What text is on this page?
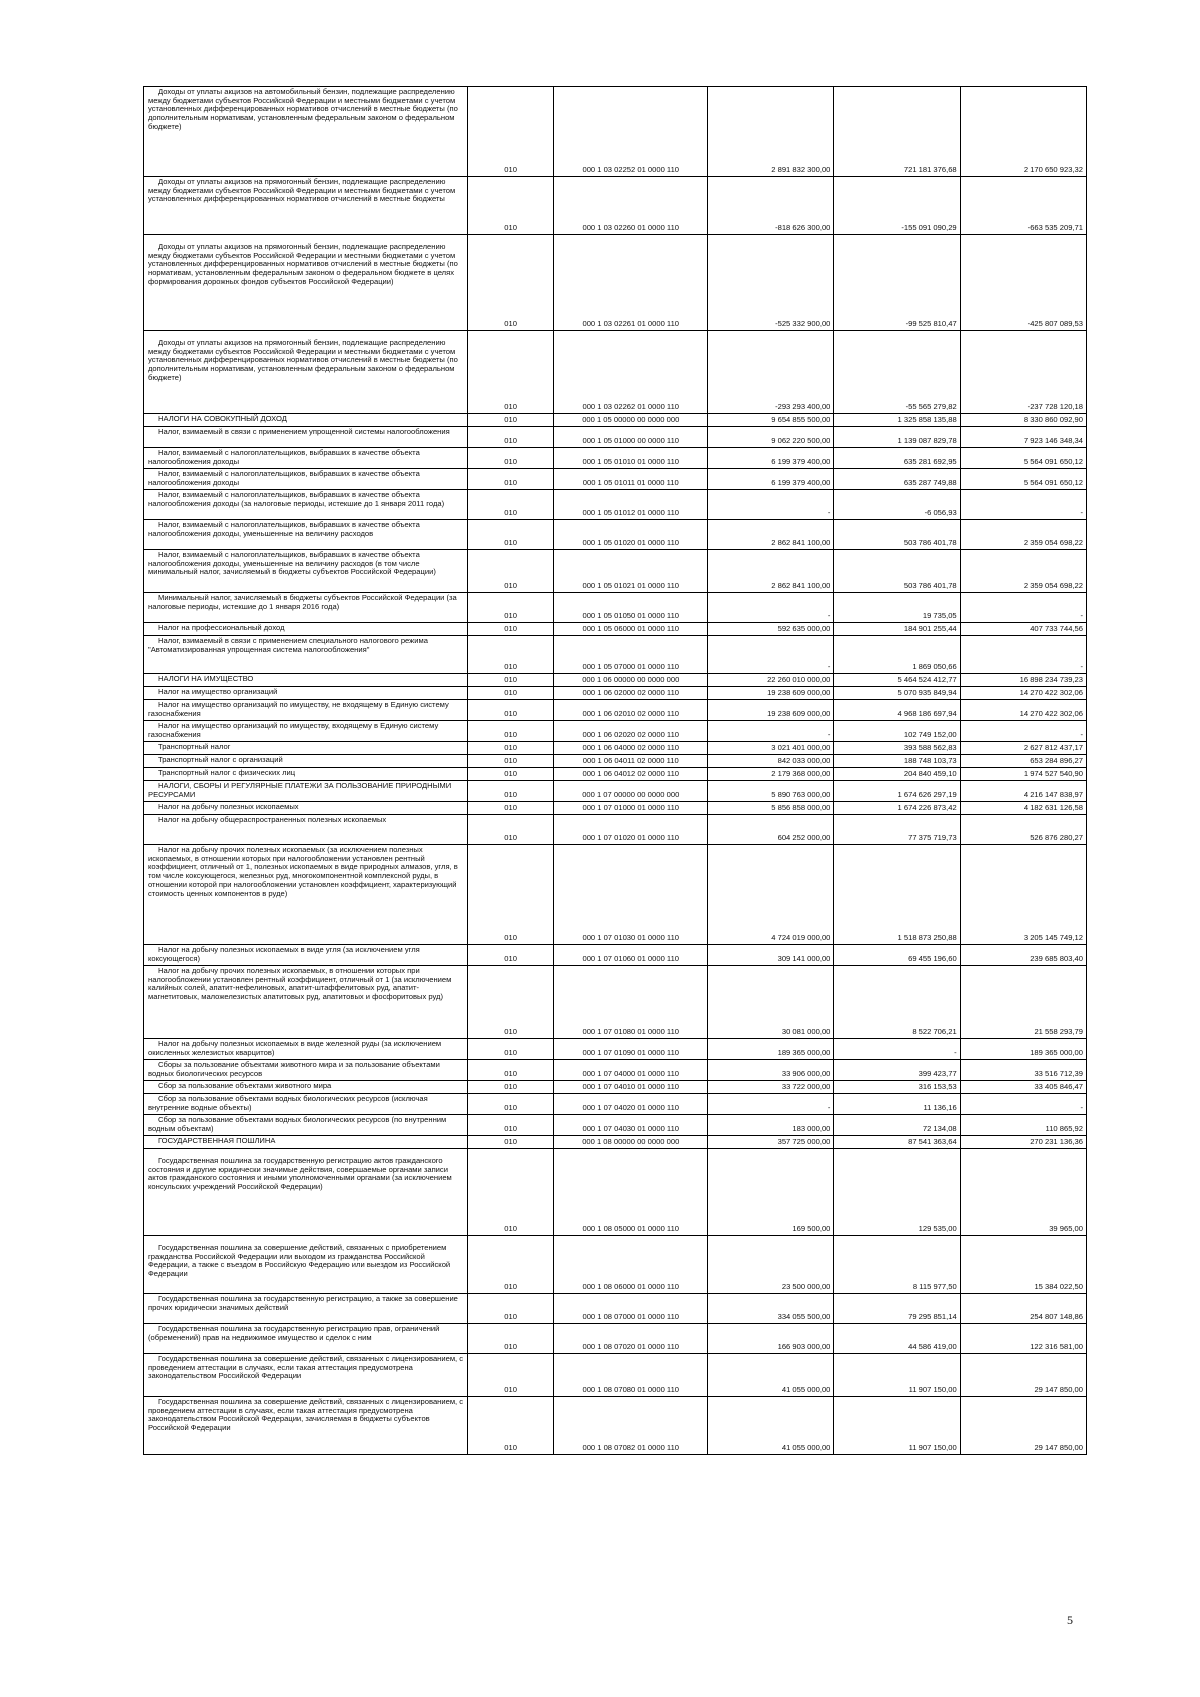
Доходы от уплаты акцизов на автомобильный бензин, подлежащие распределению между бюджетами субъектов Российской Федерации и местными бюджетами с учетом установленных дифференцированных нормативов отчислений в местные бюджеты (по дополнительным нормативам, установленным федеральным законом о федеральном бюджете)	010	000 1 03 02252 01 0000 110	2 891 832 300,00	721 181 376,68	2 170 650 923,32

Доходы от уплаты акцизов на прямогонный бензин, подлежащие распределению между бюджетами субъектов Российской Федерации и местными бюджетами с учетом установленных дифференцированных нормативов отчислений в местные бюджеты	010	000 1 03 02260 01 0000 110	-818 626 300,00	-155 091 090,29	-663 535 209,71

Доходы от уплаты акцизов на прямогонный бензин, подлежащие распределению между бюджетами субъектов Российской Федерации и местными бюджетами с учетом установленных дифференцированных нормативов отчислений в местные бюджеты (по нормативам, установленным федеральным законом о федеральном бюджете в целях формирования дорожных фондов субъектов Российской Федерации)	010	000 1 03 02261 01 0000 110	-525 332 900,00	-99 525 810,47	-425 807 089,53

Доходы от уплаты акцизов на прямогонный бензин, подлежащие распределению между бюджетами субъектов Российской Федерации и местными бюджетами с учетом установленных дифференцированных нормативов отчислений в местные бюджеты (по дополнительным нормативам, установленным федеральным законом о федеральном бюджете)	010	000 1 03 02262 01 0000 110	-293 293 400,00	-55 565 279,82	-237 728 120,18

НАЛОГИ НА СОВОКУПНЫЙ ДОХОД	010	000 1 05 00000 00 0000 000	9 654 855 500,00	1 325 858 135,88	8 330 860 092,90

Налог, взимаемый в связи с применением упрощенной системы налогообложения	010	000 1 05 01000 00 0000 110	9 062 220 500,00	1 139 087 829,78	7 923 146 348,34

Налог, взимаемый с налогоплательщиков, выбравших в качестве объекта налогообложения доходы	010	000 1 05 01010 01 0000 110	6 199 379 400,00	635 281 692,95	5 564 091 650,12

Налог, взимаемый с налогоплательщиков, выбравших в качестве объекта налогообложения доходы	010	000 1 05 01011 01 0000 110	6 199 379 400,00	635 287 749,88	5 564 091 650,12

Налог, взимаемый с налогоплательщиков, выбравших в качестве объекта налогообложения доходы (за налоговые периоды, истекшие до 1 января 2011 года)	010	000 1 05 01012 01 0000 110	-	-6 056,93	-

Налог, взимаемый с налогоплательщиков, выбравших в качестве объекта налогообложения доходы, уменьшенные на величину расходов	010	000 1 05 01020 01 0000 110	2 862 841 100,00	503 786 401,78	2 359 054 698,22

Налог, взимаемый с налогоплательщиков, выбравших в качестве объекта налогообложения доходы, уменьшенные на величину расходов (в том числе минимальный налог, зачисляемый в бюджеты субъектов Российской Федерации)	010	000 1 05 01021 01 0000 110	2 862 841 100,00	503 786 401,78	2 359 054 698,22

Минимальный налог, зачисляемый в бюджеты субъектов Российской Федерации (за налоговые периоды, истекшие до 1 января 2016 года)	010	000 1 05 01050 01 0000 110	-	19 735,05	-

Налог на профессиональный доход	010	000 1 05 06000 01 0000 110	592 635 000,00	184 901 255,44	407 733 744,56

Налог, взимаемый в связи с применением специального налогового режима "Автоматизированная упрощенная система налогообложения"	010	000 1 05 07000 01 0000 110	-	1 869 050,66	-

НАЛОГИ НА ИМУЩЕСТВО	010	000 1 06 00000 00 0000 000	22 260 010 000,00	5 464 524 412,77	16 898 234 739,23

Налог на имущество организаций	010	000 1 06 02000 02 0000 110	19 238 609 000,00	5 070 935 849,94	14 270 422 302,06

Налог на имущество организаций по имуществу, не входящему в Единую систему газоснабжения	010	000 1 06 02010 02 0000 110	19 238 609 000,00	4 968 186 697,94	14 270 422 302,06

Налог на имущество организаций по имуществу, входящему в Единую систему газоснабжения	010	000 1 06 02020 02 0000 110	-	102 749 152,00	-

Транспортный налог	010	000 1 06 04000 02 0000 110	3 021 401 000,00	393 588 562,83	2 627 812 437,17

Транспортный налог с организаций	010	000 1 06 04011 02 0000 110	842 033 000,00	188 748 103,73	653 284 896,27

Транспортный налог с физических лиц	010	000 1 06 04012 02 0000 110	2 179 368 000,00	204 840 459,10	1 974 527 540,90

НАЛОГИ, СБОРЫ И РЕГУЛЯРНЫЕ ПЛАТЕЖИ ЗА ПОЛЬЗОВАНИЕ ПРИРОДНЫМИ РЕСУРСАМИ	010	000 1 07 00000 00 0000 000	5 890 763 000,00	1 674 626 297,19	4 216 147 838,97

Налог на добычу полезных ископаемых	010	000 1 07 01000 01 0000 110	5 856 858 000,00	1 674 226 873,42	4 182 631 126,58

Налог на добычу общераспространенных полезных ископаемых	010	000 1 07 01020 01 0000 110	604 252 000,00	77 375 719,73	526 876 280,27

Налог на добычу прочих полезных ископаемых (за исключением полезных ископаемых, в отношении которых при налогообложении установлен рентный коэффициент, отличный от 1, полезных ископаемых в виде природных алмазов, угля, в том числе коксующегося, железных руд, многокомпонентной комплексной руды, в отношении которой при налогообложении установлен коэффициент, характеризующий стоимость ценных компонентов в руде)	010	000 1 07 01030 01 0000 110	4 724 019 000,00	1 518 873 250,88	3 205 145 749,12

Налог на добычу полезных ископаемых в виде угля (за исключением угля коксующегося)	010	000 1 07 01060 01 0000 110	309 141 000,00	69 455 196,60	239 685 803,40

Налог на добычу прочих полезных ископаемых, в отношении которых при налогообложении установлен рентный коэффициент, отличный от 1 (за исключением калийных солей, апатит-нефелиновых, апатит-штаффелитовых руд, апатит-магнетитовых, маложелезистых апатитовых руд, апатитовых и фосфоритовых руд)	010	000 1 07 01080 01 0000 110	30 081 000,00	8 522 706,21	21 558 293,79

Налог на добычу полезных ископаемых в виде железной руды (за исключением окисленных железистых кварцитов)	010	000 1 07 01090 01 0000 110	189 365 000,00	-	189 365 000,00

Сборы за пользование объектами животного мира и за пользование объектами водных биологических ресурсов	010	000 1 07 04000 01 0000 110	33 906 000,00	399 423,77	33 516 712,39

Сбор за пользование объектами животного мира	010	000 1 07 04010 01 0000 110	33 722 000,00	316 153,53	33 405 846,47

Сбор за пользование объектами водных биологических ресурсов (исключая внутренние водные объекты)	010	000 1 07 04020 01 0000 110	-	11 136,16	-

Сбор за пользование объектами водных биологических ресурсов (по внутренним водным объектам)	010	000 1 07 04030 01 0000 110	183 000,00	72 134,08	110 865,92

ГОСУДАРСТВЕННАЯ ПОШЛИНА	010	000 1 08 00000 00 0000 000	357 725 000,00	87 541 363,64	270 231 136,36

Государственная пошлина за государственную регистрацию актов гражданского состояния и другие юридически значимые действия, совершаемые органами записи актов гражданского состояния и иными уполномоченными органами (за исключением консульских учреждений Российской Федерации)	010	000 1 08 05000 01 0000 110	169 500,00	129 535,00	39 965,00

Государственная пошлина за совершение действий, связанных с приобретением гражданства Российской Федерации или выходом из гражданства Российской Федерации, а также с въездом в Российскую Федерацию или выездом из Российской Федерации	010	000 1 08 06000 01 0000 110	23 500 000,00	8 115 977,50	15 384 022,50

Государственная пошлина за государственную регистрацию, а также за совершение прочих юридически значимых действий	010	000 1 08 07000 01 0000 110	334 055 500,00	79 295 851,14	254 807 148,86

Государственная пошлина за государственную регистрацию прав, ограничений (обременений) прав на недвижимое имущество и сделок с ним	010	000 1 08 07020 01 0000 110	166 903 000,00	44 586 419,00	122 316 581,00

Государственная пошлина за совершение действий, связанных с лицензированием, с проведением аттестации в случаях, если такая аттестация предусмотрена законодательством Российской Федерации	010	000 1 08 07080 01 0000 110	41 055 000,00	11 907 150,00	29 147 850,00

Государственная пошлина за совершение действий, связанных с лицензированием, с проведением аттестации в случаях, если такая аттестация предусмотрена законодательством Российской Федерации, зачисляемая в бюджеты субъектов Российской Федерации	010	000 1 08 07082 01 0000 110	41 055 000,00	11 907 150,00	29 147 850,00
5
